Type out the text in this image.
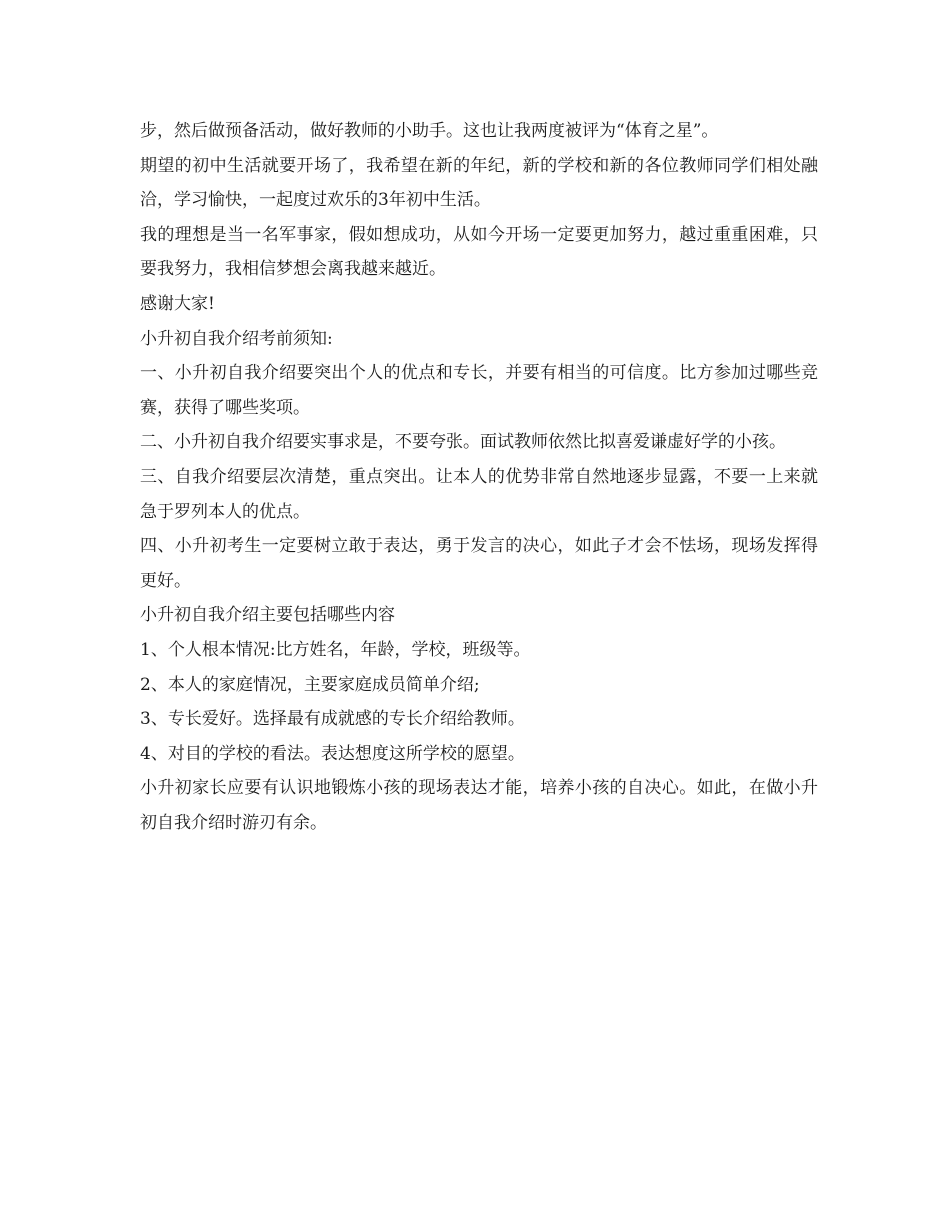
步，然后做预备活动，做好教师的小助手。这也让我两度被评为“体育之星”。

期望的初中生活就要开场了，我希望在新的年纪，新的学校和新的各位教师同学们相处融洽，学习愉快，一起度过欢乐的3年初中生活。

我的理想是当一名军事家，假如想成功，从如今开场一定要更加努力，越过重重困难，只要我努力，我相信梦想会离我越来越近。

感谢大家!

小升初自我介绍考前须知:

一、小升初自我介绍要突出个人的优点和专长，并要有相当的可信度。比方参加过哪些竞赛，获得了哪些奖项。

二、小升初自我介绍要实事求是，不要夸张。面试教师依然比拟喜爱谦虚好学的小孩。

三、自我介绍要层次清楚，重点突出。让本人的优势非常自然地逐步显露，不要一上来就急于罗列本人的优点。

四、小升初考生一定要树立敢于表达，勇于发言的决心，如此子才会不怯场，现场发挥得更好。

小升初自我介绍主要包括哪些内容

1、个人根本情况:比方姓名，年龄，学校，班级等。

2、本人的家庭情况，主要家庭成员简单介绍;

3、专长爱好。选择最有成就感的专长介绍给教师。

4、对目的学校的看法。表达想度这所学校的愿望。

小升初家长应要有认识地锻炼小孩的现场表达才能，培养小孩的自决心。如此，在做小升初自我介绍时游刃有余。
